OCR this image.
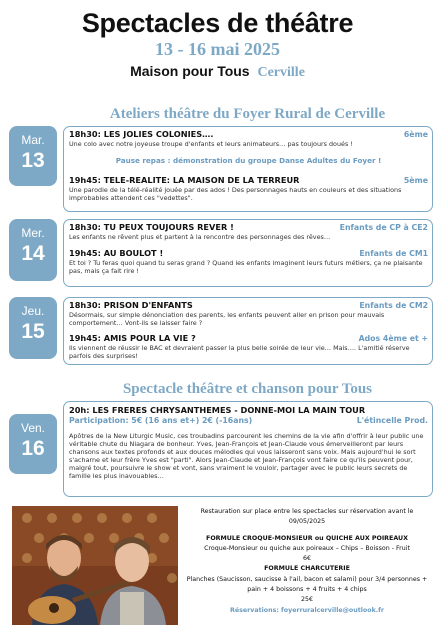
Spectacles de théâtre
13 - 16 mai 2025
Maison pour Tous Cerville
Ateliers théâtre du Foyer Rural de Cerville
Mar.
13
18h30: LES JOLIES COLONIES….	6ème
Une colo avec notre joyeuse troupe d'enfants et leurs animateurs… pas toujours doués !
Pause repas : démonstration du groupe Danse Adultes du Foyer !
19h45: TELE-REALITE: LA MAISON DE LA TERREUR	5ème
Une parodie de la télé-réalité jouée par des ados ! Des personnages hauts en couleurs et des situations improbables attendent ces "vedettes".
Mer.
14
18h30: TU PEUX TOUJOURS REVER !	Enfants de CP à CE2
Les enfants ne rêvent plus et partent à la rencontre des personnages des rêves…
19h45: AU BOULOT !	Enfants de CM1
Et toi ? Tu feras quoi quand tu seras grand ? Quand les enfants imaginent leurs futurs métiers, ça ne plaisante pas, mais ça fait rire !
Jeu.
15
18h30: PRISON D'ENFANTS	Enfants de CM2
Désormais, sur simple dénonciation des parents, les enfants peuvent aller en prison pour mauvais comportement… Vont-ils se laisser faire ?
19h45: AMIS POUR LA VIE ?	Ados 4ème et +
Ils viennent de réussir le BAC et devraient passer la plus belle soirée de leur vie… Mais…. L'amitié réserve parfois des surprises!
Spectacle théâtre et chanson pour Tous
Ven.
16
20h: LES FRERES CHRYSANTHEMES - DONNE-MOI LA MAIN TOUR
Participation: 5€ (16 ans et+) 2€ (-16ans)	L'étincelle Prod.
Apôtres de la New Liturgic Music, ces troubadins parcourent les chemins de la vie afin d'offrir à leur public une véritable chute du Niagara de bonheur. Yves, Jean-François et Jean-Claude vous émerveilleront par leurs chansons aux textes profonds et aux douces mélodies qui vous laisseront sans voix. Mais aujourd'hui le sort s'acharne et leur frère Yves est "parti". Alors Jean-Claude et Jean-François vont faire ce qu'ils peuvent pour, malgré tout, poursuivre le show et vont, sans vraiment le vouloir, partager avec le public leurs secrets de famille les plus inavouables…
Restauration sur place entre les spectacles sur réservation avant le 09/05/2025
FORMULE CROQUE-MONSIEUR ou QUICHE AUX POIREAUX
Croque-Monsieur ou quiche aux poireaux – Chips – Boisson - Fruit
6€
FORMULE CHARCUTERIE
Planches (Saucisson, saucisse à l'ail, bacon et salami) pour 3/4 personnes + pain + 4 boissons + 4 fruits + 4 chips
25€
Réservations: foyerruralcerville@outlook.fr
